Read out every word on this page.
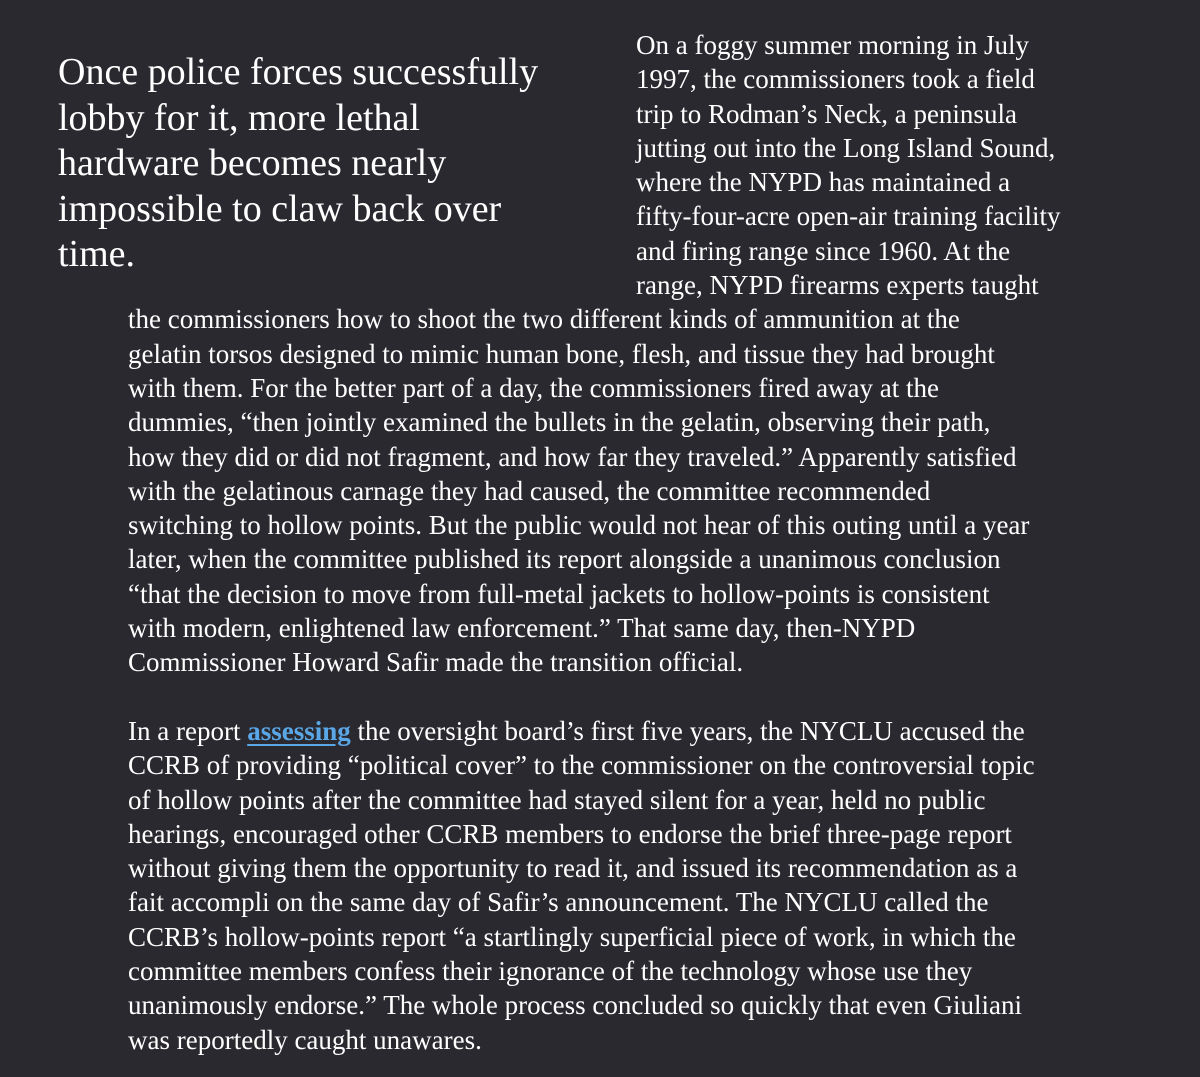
Once police forces successfully
lobby for it, more lethal
hardware becomes nearly
impossible to claw back over
time.
On a foggy summer morning in July
1997, the commissioners took a field
trip to Rodman’s Neck, a peninsula
jutting out into the Long Island Sound,
where the NYPD has maintained a
fifty-four-acre open-air training facility
and firing range since 1960. At the
range, NYPD firearms experts taught
the commissioners how to shoot the two different kinds of ammunition at the
gelatin torsos designed to mimic human bone, flesh, and tissue they had brought
with them. For the better part of a day, the commissioners fired away at the
dummies, “then jointly examined the bullets in the gelatin, observing their path,
how they did or did not fragment, and how far they traveled.” Apparently satisfied
with the gelatinous carnage they had caused, the committee recommended
switching to hollow points. But the public would not hear of this outing until a year
later, when the committee published its report alongside a unanimous conclusion
“that the decision to move from full-metal jackets to hollow-points is consistent
with modern, enlightened law enforcement.” That same day, then-NYPD
Commissioner Howard Safir made the transition official.
In a report assessing the oversight board’s first five years, the NYCLU accused the
CCRB of providing “political cover” to the commissioner on the controversial topic
of hollow points after the committee had stayed silent for a year, held no public
hearings, encouraged other CCRB members to endorse the brief three-page report
without giving them the opportunity to read it, and issued its recommendation as a
fait accompli on the same day of Safir’s announcement. The NYCLU called the
CCRB’s hollow-points report “a startlingly superficial piece of work, in which the
committee members confess their ignorance of the technology whose use they
unanimously endorse.” The whole process concluded so quickly that even Giuliani
was reportedly caught unawares.
